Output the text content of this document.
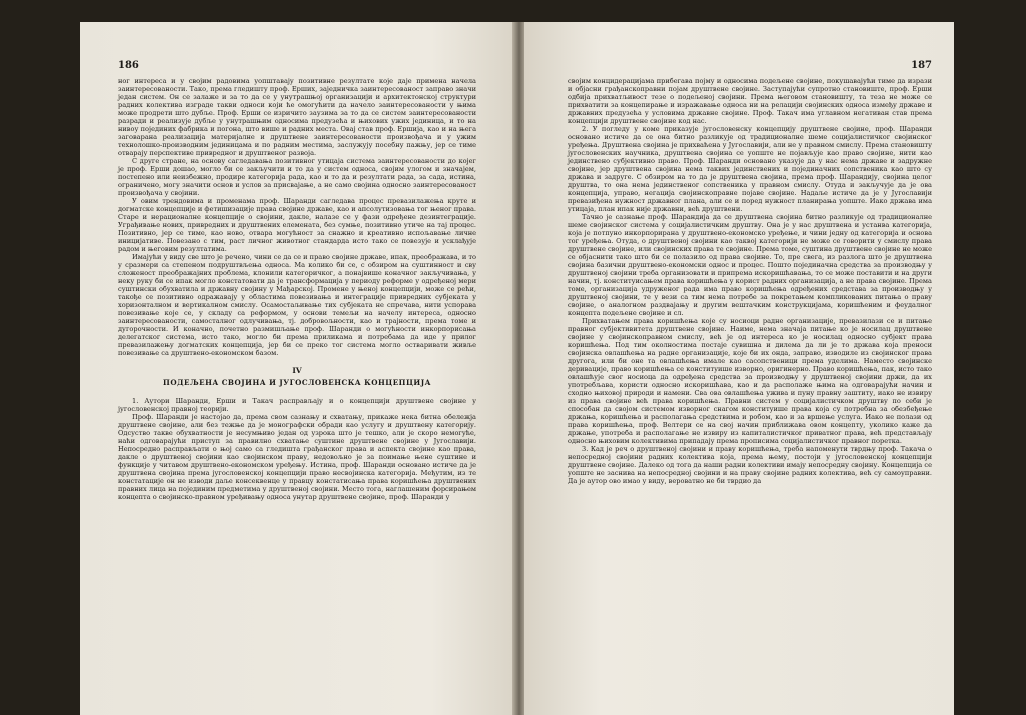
186

ног интереса и у својим радовима уопштавају позитивне резултате које даје примена начела заинтересованости. Тако, према гледишту проф. Ерших, заједничка заинтересованост заправо значи један систем. Он се залаже и за то да се у унутрашњој организацији и архитектонској структури радних колектива изграде такви односи који ће омогућити да начело заинтересованости у њима може продрети што дубље. Проф. Ерши се изричито заузима за то да се систем заинтересованости разради и реализује дубље у унутрашњим односима предузећа и њихових ужих јединица, и то на нивоу појединих фабрика и погона, што више и радних места. Овај став проф. Ершија, као и на њега заговарана реализација материјалне и друштвене заинтересованости произвођача и у ужим технолошко-производним јединицама и по радним местима, заслужују посебну пажњу, јер се тиме отварају перспективе привредног и друштвеног развоја.

С друге стране, на основу сагледавања позитивног утицаја система заинтересованости до којег је проф. Ерши дошао, могло би се закључити и то да у систем односа, својим улогом и значајем, постепено или неизбежно, продире категорија рада, као и то да и резултати рада, за сада, истина, ограничено, могу значити основ и услов за присвајање, а не само својина односно заинтересованост произвођача у својини.

У овим трендовима и променама проф. Шаранди сагледава процес превазилажења круте и догматске концепције и фетишизације права својине државе, као и апсолутизовања тог њеног права. Старе и нерационалне концепције о својини, дакле, налазе се у фази одређене дезинтеграције. Уграђивање нових, привредних и друштвених елемената, без сумње, позитивно утиче на тај процес. Позитивно, јер се тиме, као ново, отвара могућност за снажно и креативно испољавање личне иницијативе. Повезано с тим, раст личног животног стандарда исто тако се повезује и усклађује радом и његовим резултатима.

Имајући у виду све што је речено, чини се да се и право својине државе, ипак, преображава, и то у сразмери са степеном подруштвљења односа. Ма колико би се, с обзиром на суштинност и сву сложеност преображајних проблема, клонили категоричког, а понајвише коначног закључивања, у неку руку би се ипак могло констатовати да је трансформација у периоду реформе у одређеној мери суштински обухватила и државну својину у Мађарској. Промене у њеној концепцији, може се рећи, такође се позитивно одражавају у областима повезивања и интеграције привредних субјеката у хоризонталном и вертикалном смислу. Осамостаљивање тих субјеката не спречава, нити успорава повезивање које се, у складу са реформом, у основи темељи на начелу интереса, односно заинтересованости, самосталног одлучивања, тј. добровољности, као и трајности, према томе и дугорочности. И коначно, почетно размишљање проф. Шаранди о могућности инкорпорисања делегатског система, исто тако, могло би према приликама и потребама да иде у прилог превазилажењу догматских концепција, јер би се преко тог система могло остваривати живље повезивање са друштвено-економском базом.

IV
ПОДЕЉЕНА СВОЈИНА И ЈУГОСЛОВЕНСКА КОНЦЕПЦИЈА

1. Аутори Шаранди, Ерши и Такач расправљају и о концепцији друштвене својине у југословенској правној теорији.

Проф. Шаранди је настојао да, према свом сазнању и схватању, прикаже нека битна обележја друштвене својине, али без тежње да је монографски обради као услугу и друштвену категорију. Одсуство такве обухватности је несумњиво један од узрока што је тешко, али је скоро немогуће, наћи одговарајући приступ за правилно схватање суштине друштвене својине у Југославији. Непосредно расправљати о њој само са гледишта грађанског права и аспекта својине као права, дакле о друштвеној својини као својинском праву, недовољно је за поимање њене суштине и функције у читавом друштвено-економском уређењу. Истина, проф. Шаранди основано истиче да је друштвена својина према југословенској концепцији право несвојинска категорија. Међутим, из те констатације он не изводи даље консеквенце у правцу констатисања права коришћења друштвених правних лица на појединим предметима у друштвеној својини. Место тога, наглашеним форсирањем концепта о својинско-правном уређивању односа унутар друштвене својине, проф. Шаранди у

187

својим концидерацијама прибегава појму и односима подељене својине, покушавајући тиме да изрази и објасни грађанскоправни појам друштвене својине. Заступајући супротно становиште, проф. Ерши одбија прихватљивост тезе о подељеној својини. Према његовом становишту, та теза не може се прихватити за концепирање и изражавање односа ни на релацији својинских односа између државе и државних предузећа у условима државне својине. Проф. Такач има углавном негативан став према концепцији друштвене својине код нас.

2. У погледу у коме приказује југословенску концепцију друштвене својине, проф. Шаранди основано истиче да се она битно разликује од традиционалне шеме социјалистичког својинског уређења. Друштвена својина је прихваћена у Југославији, али не у правном смислу. Према становишту југословенских научника, друштвена својина се уопште не појављује као право својине, нити као јединствено субјективно право. Проф. Шаранди основано указује да у нас нема државе и задружне својине, јер друштвена својина нема таквих јединствених и појединачних сопственика као што су држава и задруге. С обзиром на то да је друштвена својина, према проф. Шарандију, својина целог друштва, то она нема јединственог сопственика у правном смислу. Отуда и закључује да је ова концепција, управо, негација својинскоправне појаве својине. Надаље истиче да је у Југославији превазиђена нужност државног плана, али се и поред нужност планирања уопште. Иако држава има утицаја, план ипак није државни, већ друштвени.

Тачно је сазнање проф. Шарандија да се друштвена својина битно разликује од традиционалне шеме својинског система у социјалистичким друштву. Она је у нас друштвена и устанва категорија, која је потпуно инкорпорирана у друштвено-економско уређење, и чини једну од категорија и основа тог уређења. Отуда, о друштвеној својини као таквој категорији не може се говорити у смислу права друштвене својине, или својинских права те својине. Према томе, суштина друштвене својине не може се објаснити тако што би се полазило од права својине. То, пре свега, из разлога што је друштвена својина базични друштвено-економски однос и процес. Пошто појединачна средства за производњу у друштвеној својини треба организовати и припрема искоришћавањa, то се може поставити и на други начин, тј. конституисањем права коришћења у корист радних организација, а не права својине. Према томе, организација удруженог рада има право коришћења одређених средстава за производњу у друштвеној својини, те у вези са тим нема потребе за покретањем компликованих питања о праву својине, о аналогном раздвајању и другим вештачким конструкцијама, коришћеним и феудалног концепта подељене својине и сл.

Прихватањем права коришћења које су носиоци радне организације, превазилази се и питање правног субјективитета друштвене својине. Наиме, нема значаја питање ко је носилац друштвене својине у својинскоправном смислу, већ је од интереса ко је носилац односно субјект права коришћења. Под тим околностима постаје сувишна и дилема да ли је то држава која преноси својинска овлашћења на радне организације, које би их онда, заправо, изводиле из својинског права другога, или би оне та овлашћења имале као сасопственици према уделима. Наместо својинске деривације, право коришћења се конституише изворно, оригинерно. Право коришћења, пак, исто тако овлашћује свог носиоца да одређена средства за производњу у друштвеној својини држи, да их употребљава, користи односно искоришћава, као и да располаже њима на одговарајући начин и сходно њиховој природи и намени. Сва ова овлашћења ужива и пуну правну заштиту, иако не извиру из права својине већ права коришћења. Правни систем у социјалистичком друштву по себи је способан да својом системом изворног снагом конституише права која су потребна за обезбеђење држања, коришћења и располагања средствима и робом, као и за вршење услуга. Иако не полази од права коришћења, проф. Велтери се на свој начин приближава овом концепту, уколико каже да држање, употреба и располагање не извиру из капиталистичког приватног права, већ представљају односно њиховим колективима припадају према прописима социјалистичког правног поретка.

3. Кад је реч о друштвеној својини и праву коришћења, треба напоменути тврдњу проф. Такача о непосредној својини радних колектива која, према њему, постоји у југословенској концепцији друштвене својине. Далеко од тога да наши радни колективи имају непосредну својину. Концепција се уопште не заснива на непосредној својини и на праву својине радних колектива, већ су самоуправни. Да је аутор ово имао у виду, вероватно не би тврдио да
